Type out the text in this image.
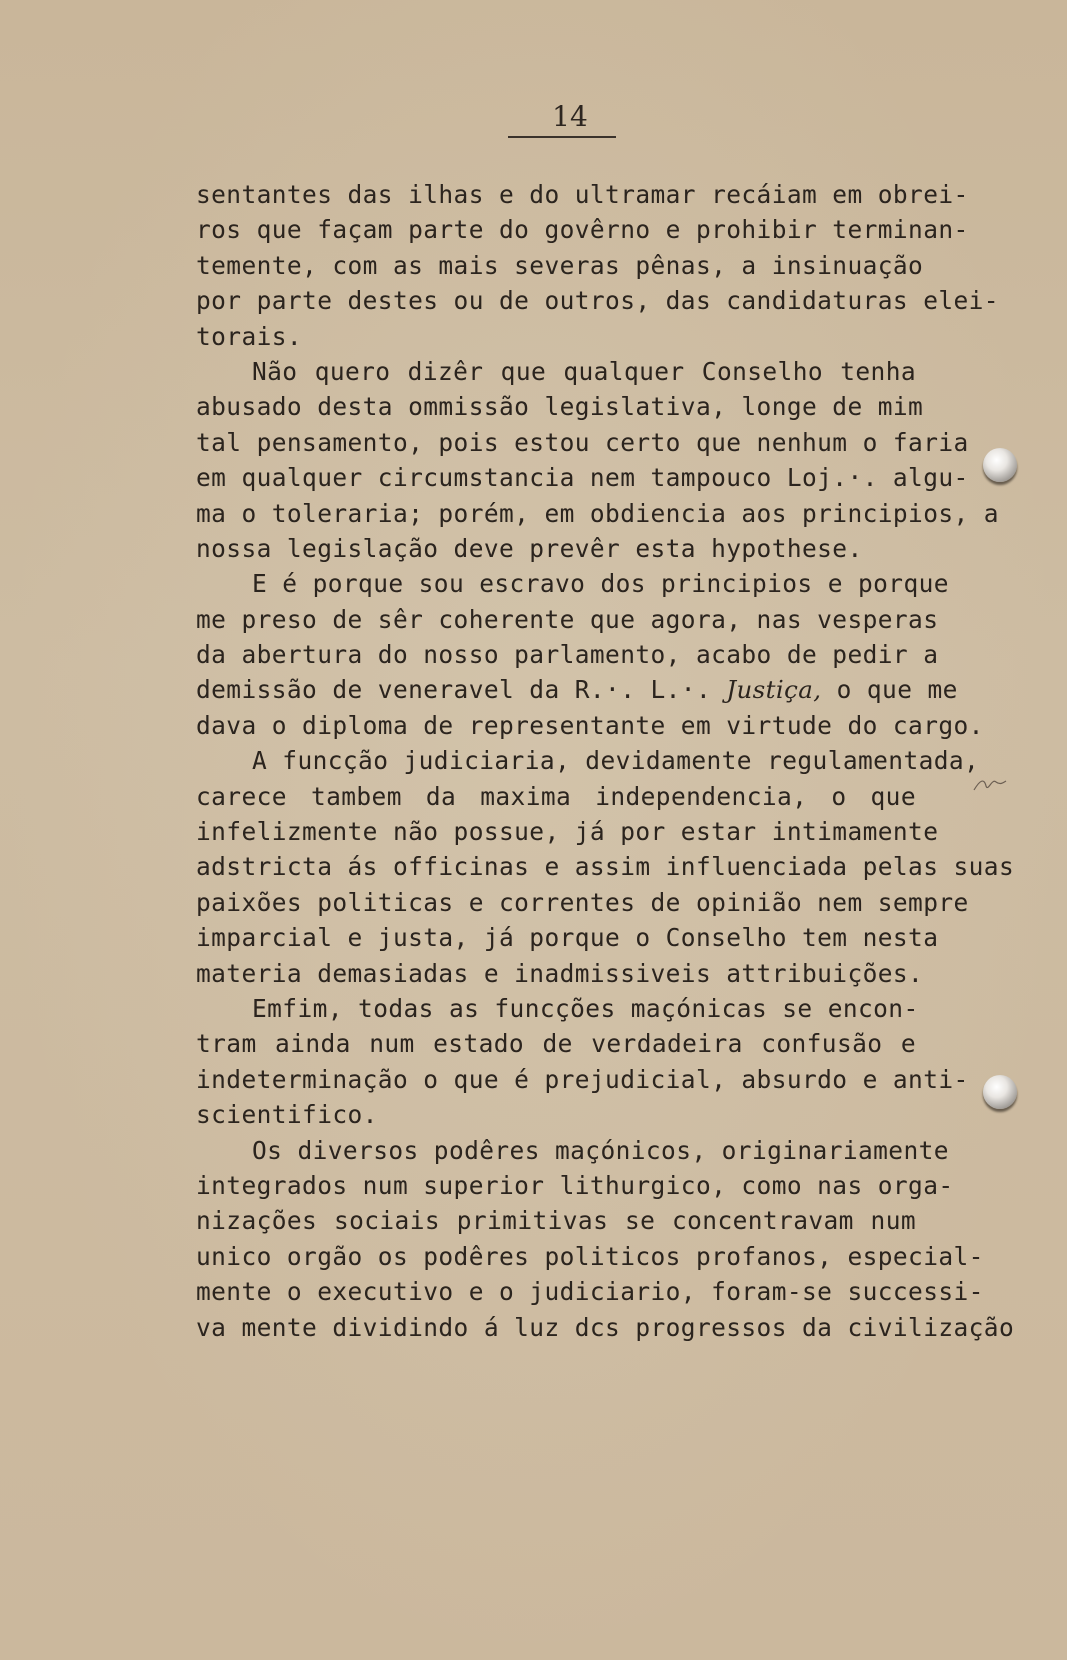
14
sentantes das ilhas e do ultramar recáiam em obrei-
ros que façam parte do govêrno e prohibir terminan-
temente, com as mais severas pênas, a insinuação
por parte destes ou de outros, das candidaturas elei-
torais.
Não quero dizêr que qualquer Conselho tenha
abusado desta ommissão legislativa, longe de mim
tal pensamento, pois estou certo que nenhum o faria
em qualquer circumstancia nem tampouco Loj.·. algu-
ma o toleraria; porém, em obdiencia aos principios, a
nossa legislação deve prevêr esta hypothese.
E é porque sou escravo dos principios e porque
me preso de sêr coherente que agora, nas vesperas
da abertura do nosso parlamento, acabo de pedir a
demissão de veneravel da R.·. L.·. Justiça, o que me
dava o diploma de representante em virtude do cargo.
A funcção judiciaria, devidamente regulamentada,
carece tambem da maxima independencia, o que
infelizmente não possue, já por estar intimamente
adstricta ás officinas e assim influenciada pelas suas
paixões politicas e correntes de opinião nem sempre
imparcial e justa, já porque o Conselho tem nesta
materia demasiadas e inadmissiveis attribuições.
Emfim, todas as funcções maçónicas se encon-
tram ainda num estado de verdadeira confusão e
indeterminação o que é prejudicial, absurdo e anti-
scientifico.
Os diversos podêres maçónicos, originariamente
integrados num superior lithurgico, como nas orga-
nizações sociais primitivas se concentravam num
unico orgão os podêres politicos profanos, especial-
mente o executivo e o judiciario, foram-se successi-
va mente dividindo á luz dcs progressos da civilização
